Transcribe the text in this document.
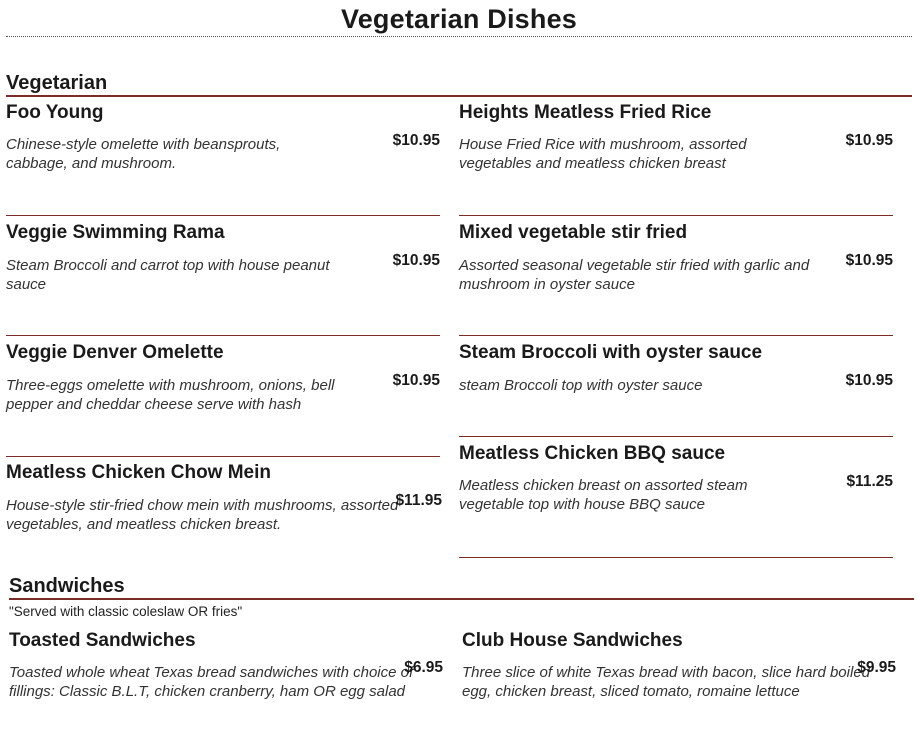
Vegetarian Dishes
Vegetarian
Foo Young
Chinese-style omelette with beansprouts, cabbage, and mushroom.
$10.95
Heights Meatless Fried Rice
House Fried Rice with mushroom, assorted vegetables and meatless chicken breast
$10.95
Veggie Swimming Rama
Steam Broccoli and carrot top with house peanut sauce
$10.95
Mixed vegetable stir fried
Assorted seasonal vegetable stir fried with garlic and mushroom in oyster sauce
$10.95
Veggie Denver Omelette
Three-eggs omelette with mushroom, onions, bell pepper and cheddar cheese serve with hash
$10.95
Steam Broccoli with oyster sauce
steam Broccoli top with oyster sauce	$10.95
Meatless Chicken Chow Mein
House-style stir-fried chow mein with mushrooms, assorted vegetables, and meatless chicken breast.
$11.95
Meatless Chicken BBQ sauce
Meatless chicken breast on assorted steam vegetable top with house BBQ sauce
$11.25
Sandwiches
"Served with classic coleslaw OR fries"
Toasted Sandwiches
Toasted whole wheat Texas bread sandwiches with choice of fillings: Classic B.L.T, chicken cranberry, ham OR egg salad
$6.95
Club House Sandwiches
Three slice of white Texas bread with bacon, slice hard boiled egg, chicken breast, sliced tomato, romaine lettuce
$9.95
